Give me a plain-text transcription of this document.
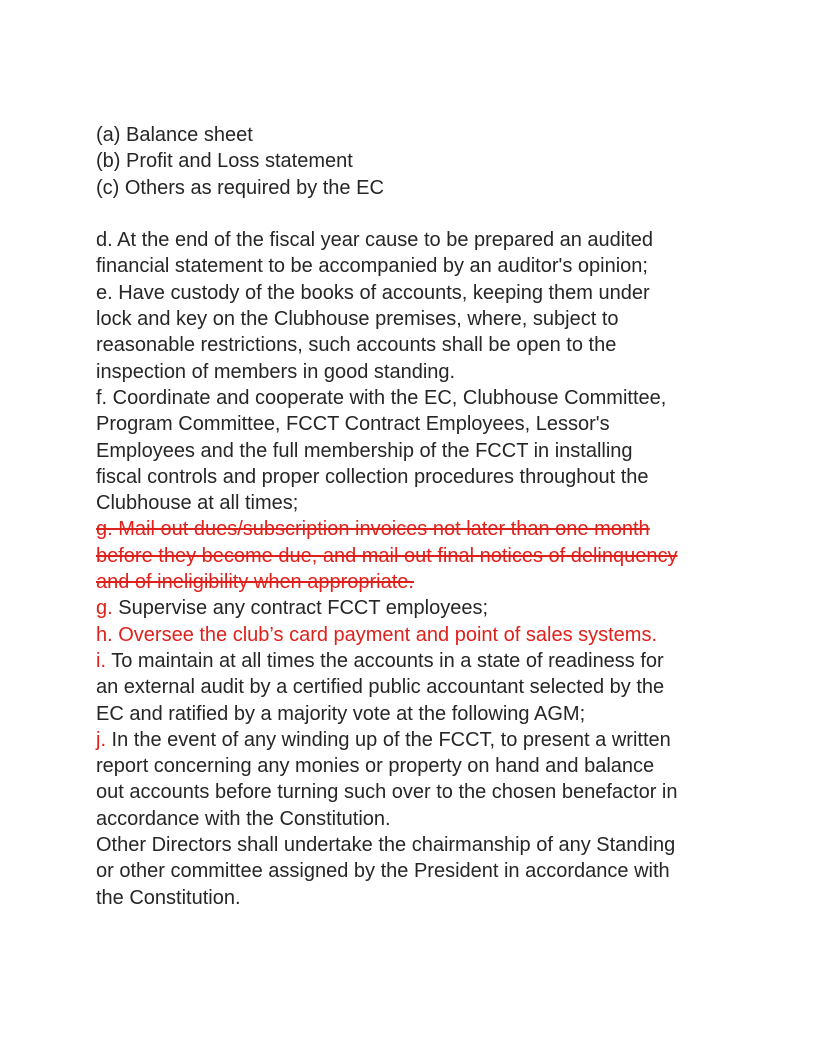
(a) Balance sheet
(b) Profit and Loss statement
(c) Others as required by the EC
d. At the end of the fiscal year cause to be prepared an audited
financial statement to be accompanied by an auditor's opinion;
e. Have custody of the books of accounts, keeping them under
lock and key on the Clubhouse premises, where, subject to
reasonable restrictions, such accounts shall be open to the
inspection of members in good standing.
f. Coordinate and cooperate with the EC, Clubhouse Committee,
Program Committee, FCCT Contract Employees, Lessor's
Employees and the full membership of the FCCT in installing
fiscal controls and proper collection procedures throughout the
Clubhouse at all times;
g. Mail out dues/subscription invoices not later than one month
before they become due, and mail out final notices of delinquency
and of ineligibility when appropriate.
g. Supervise any contract FCCT employees;
h. Oversee the club’s card payment and point of sales systems.
i. To maintain at all times the accounts in a state of readiness for
an external audit by a certified public accountant selected by the
EC and ratified by a majority vote at the following AGM;
j. In the event of any winding up of the FCCT, to present a written
report concerning any monies or property on hand and balance
out accounts before turning such over to the chosen benefactor in
accordance with the Constitution.
Other Directors shall undertake the chairmanship of any Standing
or other committee assigned by the President in accordance with
the Constitution.
